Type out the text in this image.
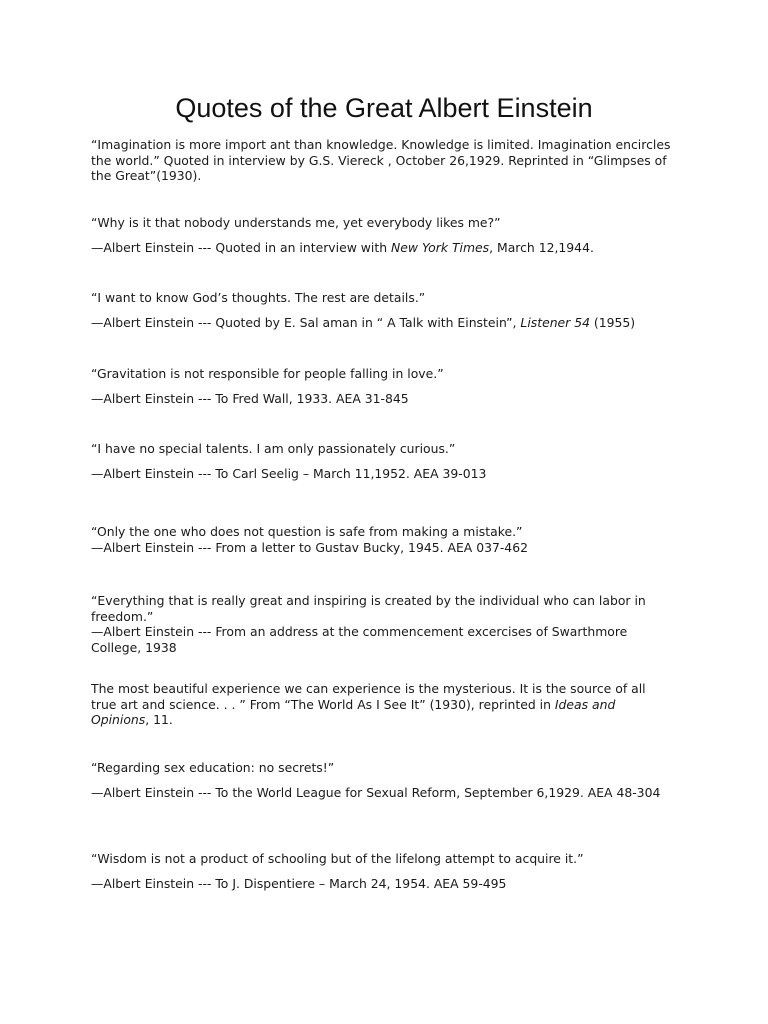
Quotes of the Great Albert Einstein

“Imagination is more import ant than knowledge. Knowledge is limited. Imagination encircles the world.” Quoted in interview by G.S. Viereck , October 26,1929. Reprinted in “Glimpses of the Great”(1930).

“Why is it that nobody understands me, yet everybody likes me?”

—Albert Einstein --- Quoted in an interview with New York Times, March 12,1944.

“I want to know God’s thoughts. The rest are details.”

—Albert Einstein --- Quoted by E. Sal aman in “ A Talk with Einstein”, Listener 54 (1955)

“Gravitation is not responsible for people falling in love.”

—Albert Einstein --- To Fred Wall, 1933. AEA 31-845

“I have no special talents. I am only passionately curious.”

—Albert Einstein --- To Carl Seelig – March 11,1952. AEA 39-013

“Only the one who does not question is safe from making a mistake.”

—Albert Einstein --- From a letter to Gustav Bucky, 1945. AEA 037-462

“Everything that is really great and inspiring is created by the individual who can labor in freedom.”

—Albert Einstein --- From an address at the commencement excercises of Swarthmore College, 1938

The most beautiful experience we can experience is the mysterious. It is the source of all true art and science. . . ” From “The World As I See It” (1930), reprinted in Ideas and Opinions, 11.

“Regarding sex education: no secrets!”

—Albert Einstein --- To the World League for Sexual Reform, September 6,1929. AEA 48-304

“Wisdom is not a product of schooling but of the lifelong attempt to acquire it.”

—Albert Einstein --- To J. Dispentiere – March 24, 1954. AEA 59-495
